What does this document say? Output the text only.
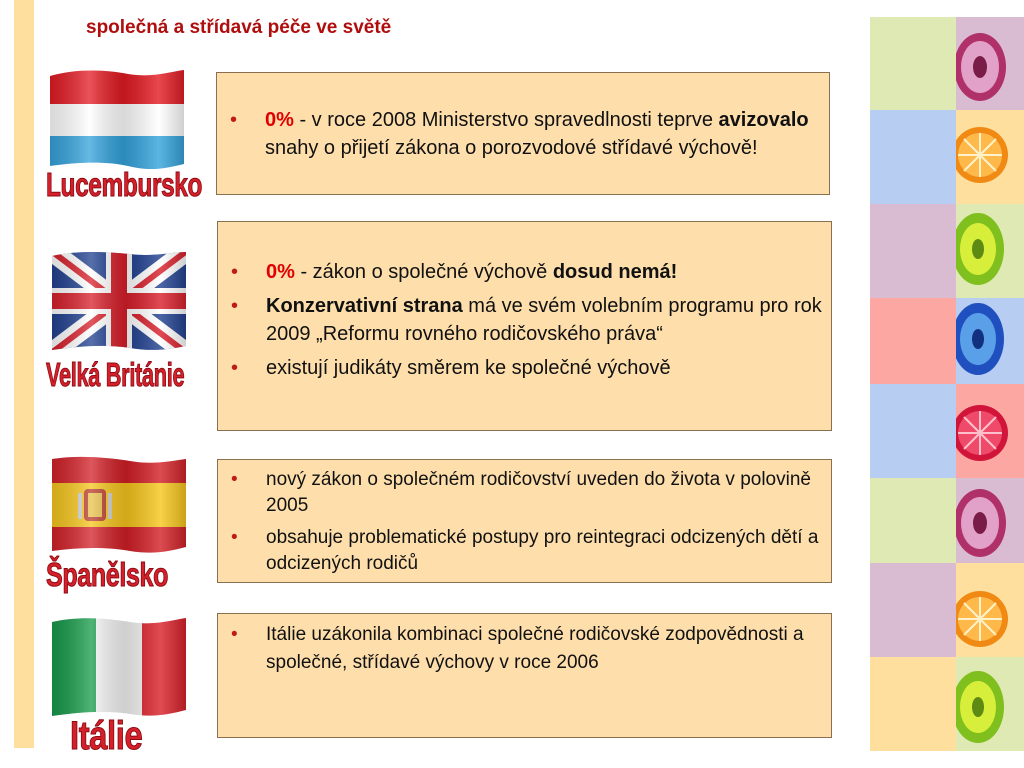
společná a střídavá péče ve světě
Lucembursko
Velká Británie
Španělsko
Itálie
• 0% - v roce 2008 Ministerstvo spravedlnosti teprve avizovalo snahy o přijetí zákona o porozvodové střídavé výchově!
• 0% - zákon o společné výchově dosud nemá!
• Konzervativní strana má ve svém volebním programu pro rok 2009 „Reformu rovného rodičovského práva“
• existují judikáty směrem ke společné výchově
• nový zákon o společném rodičovství uveden do života v polovině 2005
• obsahuje problematické postupy pro reintegraci odcizených dětí a odcizených rodičů
• Itálie uzákonila kombinaci společné rodičovské zodpovědnosti a společné, střídavé výchovy v roce 2006
